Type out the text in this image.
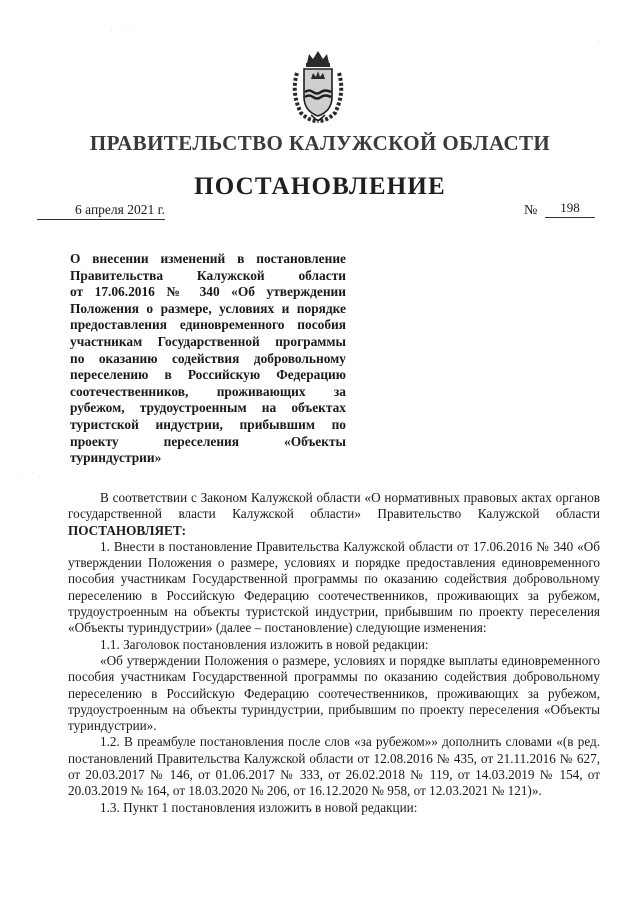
· · ·
·
· ·
ПРАВИТЕЛЬСТВО КАЛУЖСКОЙ ОБЛАСТИ
ПОСТАНОВЛЕНИЕ
6 апреля 2021 г.	№	198
О внесении изменений в постановление
Правительства Калужской области
от 17.06.2016 № 340 «Об утверждении
Положения о размере, условиях и порядке
предоставления единовременного пособия
участникам Государственной программы
по оказанию содействия добровольному
переселению в Российскую Федерацию
соотечественников, проживающих за
рубежом, трудоустроенным на объектах
туристской индустрии, прибывшим по
проекту переселения «Объекты
туриндустрии»

В соответствии с Законом Калужской области «О нормативных правовых актах органов государственной власти Калужской области» Правительство Калужской области ПОСТАНОВЛЯЕТ:

1. Внести в постановление Правительства Калужской области от 17.06.2016 № 340 «Об утверждении Положения о размере, условиях и порядке предоставления единовременного пособия участникам Государственной программы по оказанию содействия добровольному переселению в Российскую Федерацию соотечественников, проживающих за рубежом, трудоустроенным на объекты туристской индустрии, прибывшим по проекту переселения «Объекты туриндустрии» (далее – постановление) следующие изменения:

1.1. Заголовок постановления изложить в новой редакции:

«Об утверждении Положения о размере, условиях и порядке выплаты единовременного пособия участникам Государственной программы по оказанию содействия добровольному переселению в Российскую Федерацию соотечественников, проживающих за рубежом, трудоустроенным на объекты туриндустрии, прибывшим по проекту переселения «Объекты туриндустрии».

1.2. В преамбуле постановления после слов «за рубежом»» дополнить словами «(в ред. постановлений Правительства Калужской области от 12.08.2016 № 435, от 21.11.2016 № 627, от 20.03.2017 № 146, от 01.06.2017 № 333, от 26.02.2018 № 119, от 14.03.2019 № 154, от 20.03.2019 № 164, от 18.03.2020 № 206, от 16.12.2020 № 958, от 12.03.2021 № 121)».

1.3. Пункт 1 постановления изложить в новой редакции:
